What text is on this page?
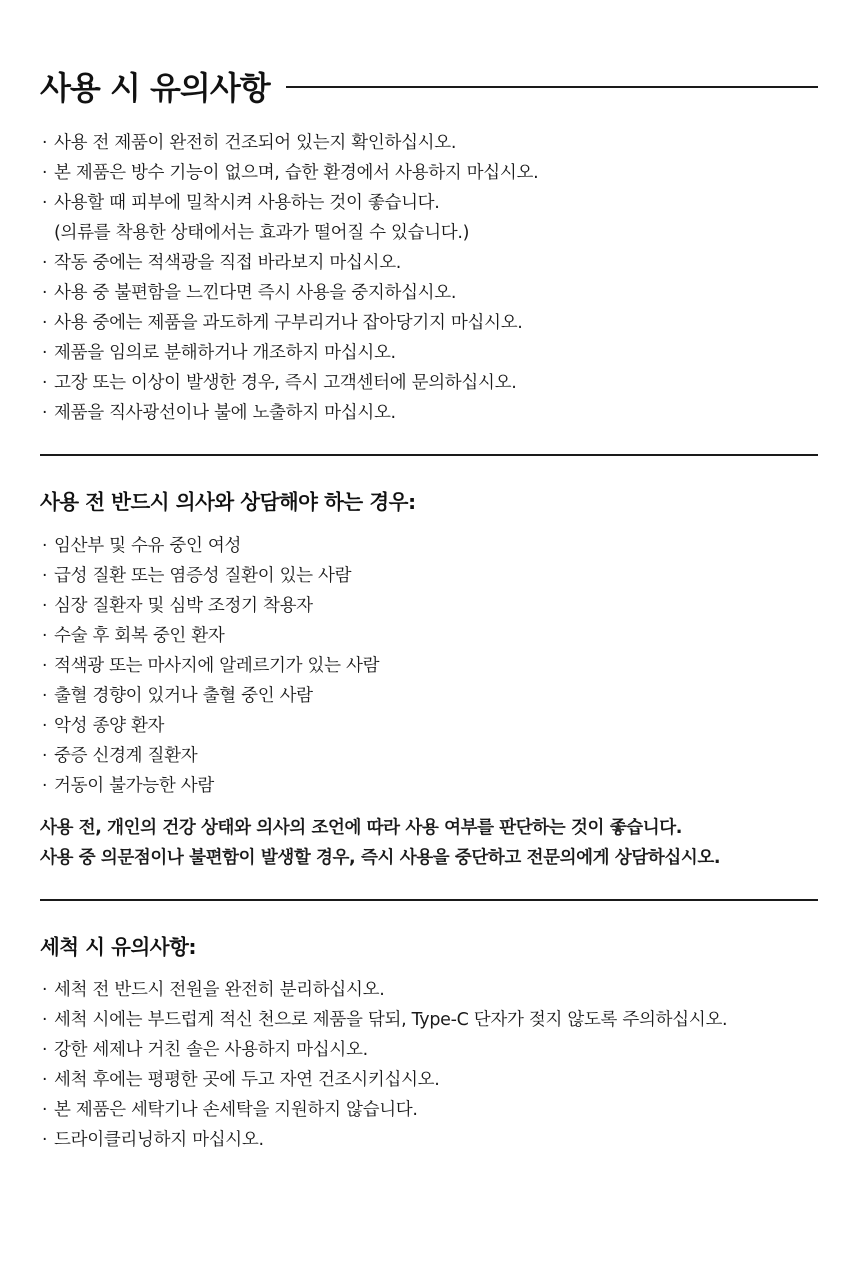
사용 시 유의사항
· 사용 전 제품이 완전히 건조되어 있는지 확인하십시오.
· 본 제품은 방수 기능이 없으며, 습한 환경에서 사용하지 마십시오.
· 사용할 때 피부에 밀착시켜 사용하는 것이 좋습니다.
(의류를 착용한 상태에서는 효과가 떨어질 수 있습니다.)
· 작동 중에는 적색광을 직접 바라보지 마십시오.
· 사용 중 불편함을 느낀다면 즉시 사용을 중지하십시오.
· 사용 중에는 제품을 과도하게 구부리거나 잡아당기지 마십시오.
· 제품을 임의로 분해하거나 개조하지 마십시오.
· 고장 또는 이상이 발생한 경우, 즉시 고객센터에 문의하십시오.
· 제품을 직사광선이나 불에 노출하지 마십시오.
사용 전 반드시 의사와 상담해야 하는 경우:
· 임산부 및 수유 중인 여성
· 급성 질환 또는 염증성 질환이 있는 사람
· 심장 질환자 및 심박 조정기 착용자
· 수술 후 회복 중인 환자
· 적색광 또는 마사지에 알레르기가 있는 사람
· 출혈 경향이 있거나 출혈 중인 사람
· 악성 종양 환자
· 중증 신경계 질환자
· 거동이 불가능한 사람

사용 전, 개인의 건강 상태와 의사의 조언에 따라 사용 여부를 판단하는 것이 좋습니다.

사용 중 의문점이나 불편함이 발생할 경우, 즉시 사용을 중단하고 전문의에게 상담하십시오.

세척 시 유의사항:
· 세척 전 반드시 전원을 완전히 분리하십시오.
· 세척 시에는 부드럽게 적신 천으로 제품을 닦되, Type-C 단자가 젖지 않도록 주의하십시오.
· 강한 세제나 거친 솔은 사용하지 마십시오.
· 세척 후에는 평평한 곳에 두고 자연 건조시키십시오.
· 본 제품은 세탁기나 손세탁을 지원하지 않습니다.
· 드라이클리닝하지 마십시오.
